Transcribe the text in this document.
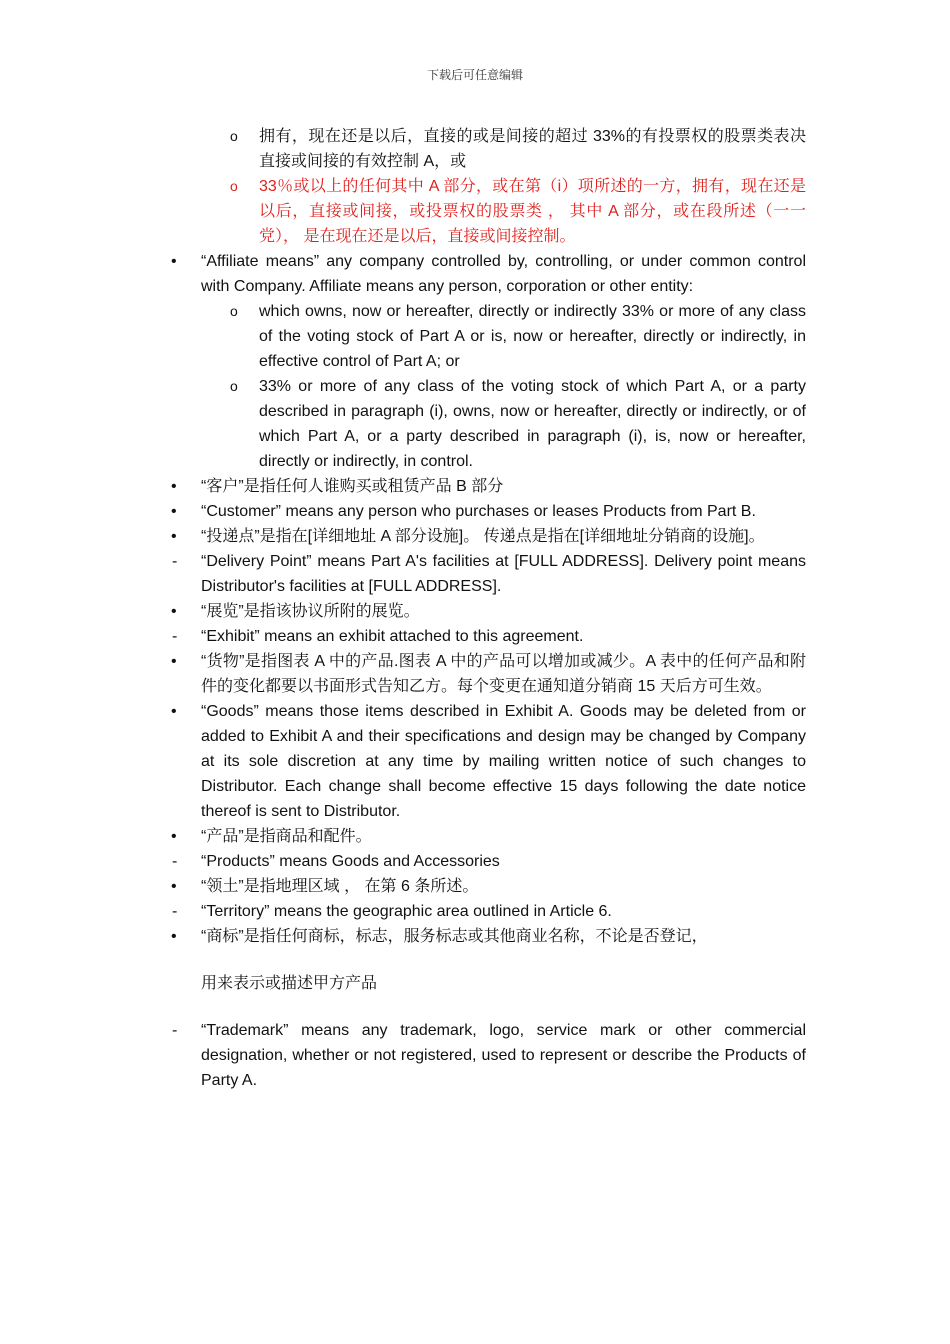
下载后可任意编辑
o 拥有，现在还是以后，直接的或是间接的超过 33%的有投票权的股票类表决直接或间接的有效控制 A，或
o 33％或以上的任何其中 A 部分，或在第（i）项所述的一方，拥有，现在还是以后，直接或间接，或投票权的股票类 ， 其中 A 部分，或在段所述（一一党）， 是在现在还是以后，直接或间接控制。
• “Affiliate means” any company controlled by, controlling, or under common control with Company. Affiliate means any person, corporation or other entity:
o which owns, now or hereafter, directly or indirectly 33% or more of any class of the voting stock of Part A or is, now or hereafter, directly or indirectly, in effective control of Part A; or
o 33% or more of any class of the voting stock of which Part A, or a party described in paragraph (i), owns, now or hereafter, directly or indirectly, or of which Part A, or a party described in paragraph (i), is, now or hereafter, directly or indirectly, in control.
• “客户”是指任何人谁购买或租赁产品 B 部分
• “Customer” means any person who purchases or leases Products from Part B.
• “投递点”是指在[详细地址 A 部分设施]。 传递点是指在[详细地址分销商的设施]。
- “Delivery Point” means Part A's facilities at [FULL ADDRESS]. Delivery point means Distributor's facilities at [FULL ADDRESS].
• “展览”是指该协议所附的展览。
- “Exhibit” means an exhibit attached to this agreement.
• “货物”是指图表 A 中的产品.图表 A 中的产品可以增加或减少。A 表中的任何产品和附件的变化都要以书面形式告知乙方。每个变更在通知道分销商 15 天后方可生效。
• “Goods” means those items described in Exhibit A. Goods may be deleted from or added to Exhibit A and their specifications and design may be changed by Company at its sole discretion at any time by mailing written notice of such changes to Distributor. Each change shall become effective 15 days following the date notice thereof is sent to Distributor.
• “产品”是指商品和配件。
- “Products” means Goods and Accessories
• “领土”是指地理区域 ， 在第 6 条所述。
- “Territory” means the geographic area outlined in Article 6.
• “商标”是指任何商标，标志，服务标志或其他商业名称，不论是否登记，
用来表示或描述甲方产品
- “Trademark” means any trademark, logo, service mark or other commercial designation, whether or not registered, used to represent or describe the Products of Party A.
